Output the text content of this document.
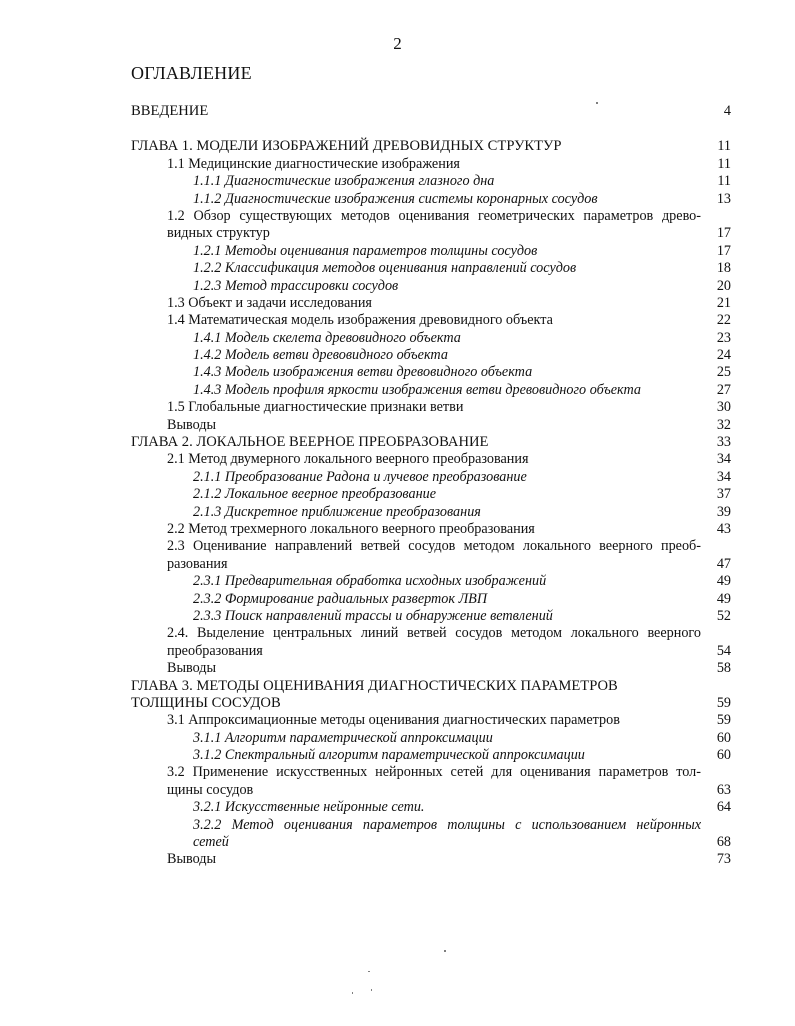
2
ОГЛАВЛЕНИЕ
ВВЕДЕНИЕ	4
ГЛАВА 1. МОДЕЛИ ИЗОБРАЖЕНИЙ ДРЕВОВИДНЫХ СТРУКТУР	11
1.1 Медицинские диагностические изображения	11
1.1.1 Диагностические изображения глазного дна	11
1.1.2 Диагностические изображения системы коронарных сосудов	13
1.2 Обзор существующих методов оценивания геометрических параметров древо-
видных структур	17
1.2.1 Методы оценивания параметров толщины сосудов	17
1.2.2 Классификация методов оценивания направлений сосудов	18
1.2.3 Метод трассировки сосудов	20
1.3 Объект и задачи исследования	21
1.4 Математическая модель изображения древовидного объекта	22
1.4.1 Модель скелета древовидного объекта	23
1.4.2 Модель ветви древовидного объекта	24
1.4.3 Модель изображения ветви древовидного объекта	25
1.4.3 Модель профиля яркости изображения ветви древовидного объекта	27
1.5 Глобальные диагностические признаки ветви	30
Выводы	32
ГЛАВА 2. ЛОКАЛЬНОЕ ВЕЕРНОЕ ПРЕОБРАЗОВАНИЕ	33
2.1 Метод двумерного локального веерного преобразования	34
2.1.1 Преобразование Радона и лучевое преобразование	34
2.1.2 Локальное веерное преобразование	37
2.1.3 Дискретное приближение преобразования	39
2.2 Метод трехмерного локального веерного преобразования	43
2.3 Оценивание направлений ветвей сосудов методом локального веерного преоб-
разования	47
2.3.1 Предварительная обработка исходных изображений	49
2.3.2 Формирование радиальных разверток ЛВП	49
2.3.3 Поиск направлений трассы и обнаружение ветвлений	52
2.4. Выделение центральных линий ветвей сосудов методом локального веерного
преобразования	54
Выводы	58
ГЛАВА 3. МЕТОДЫ ОЦЕНИВАНИЯ ДИАГНОСТИЧЕСКИХ ПАРАМЕТРОВ
ТОЛЩИНЫ СОСУДОВ	59
3.1 Аппроксимационные методы оценивания диагностических параметров	59
3.1.1 Алгоритм параметрической аппроксимации	60
3.1.2 Спектральный алгоритм параметрической аппроксимации	60
3.2 Применение искусственных нейронных сетей для оценивания параметров тол-
щины сосудов	63
3.2.1 Искусственные нейронные сети.	64
3.2.2 Метод оценивания параметров толщины с использованием нейронных
сетей	68
Выводы	73
